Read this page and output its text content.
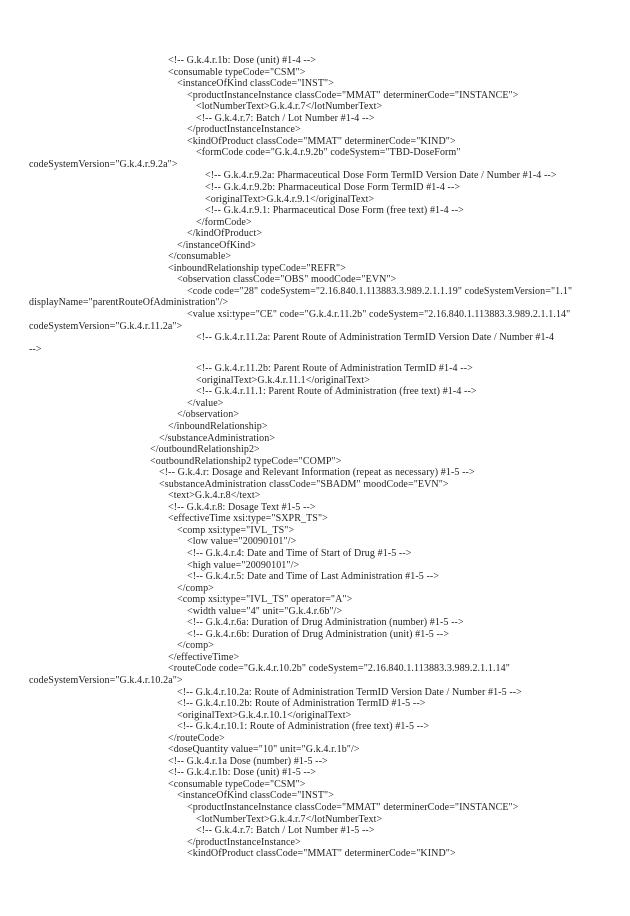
<!-- G.k.4.r.1b: Dose (unit) #1-4 -->
<consumable typeCode="CSM">
<instanceOfKind classCode="INST">
<productInstanceInstance classCode="MMAT" determinerCode="INSTANCE">
<lotNumberText>G.k.4.r.7</lotNumberText>
<!-- G.k.4.r.7: Batch / Lot Number #1-4 -->
</productInstanceInstance>
<kindOfProduct classCode="MMAT" determinerCode="KIND">
<formCode code="G.k.4.r.9.2b" codeSystem="TBD-DoseForm"
codeSystemVersion="G.k.4.r.9.2a">
<!-- G.k.4.r.9.2a: Pharmaceutical Dose Form TermID Version Date / Number #1-4 -->
<!-- G.k.4.r.9.2b: Pharmaceutical Dose Form TermID #1-4 -->
<originalText>G.k.4.r.9.1</originalText>
<!-- G.k.4.r.9.1: Pharmaceutical Dose Form (free text) #1-4 -->
</formCode>
</kindOfProduct>
</instanceOfKind>
</consumable>
<inboundRelationship typeCode="REFR">
<observation classCode="OBS" moodCode="EVN">
<code code="28" codeSystem="2.16.840.1.113883.3.989.2.1.1.19" codeSystemVersion="1.1"
displayName="parentRouteOfAdministration"/>
<value xsi:type="CE" code="G.k.4.r.11.2b" codeSystem="2.16.840.1.113883.3.989.2.1.1.14"
codeSystemVersion="G.k.4.r.11.2a">
<!-- G.k.4.r.11.2a: Parent Route of Administration TermID Version Date / Number #1-4
-->
<!-- G.k.4.r.11.2b: Parent Route of Administration TermID #1-4 -->
<originalText>G.k.4.r.11.1</originalText>
<!-- G.k.4.r.11.1: Parent Route of Administration (free text) #1-4 -->
</value>
</observation>
</inboundRelationship>
</substanceAdministration>
</outboundRelationship2>
<outboundRelationship2 typeCode="COMP">
<!-- G.k.4.r: Dosage and Relevant Information (repeat as necessary) #1-5 -->
<substanceAdministration classCode="SBADM" moodCode="EVN">
<text>G.k.4.r.8</text>
<!-- G.k.4.r.8: Dosage Text #1-5 -->
<effectiveTime xsi:type="SXPR_TS">
<comp xsi:type="IVL_TS">
<low value="20090101"/>
<!-- G.k.4.r.4: Date and Time of Start of Drug #1-5 -->
<high value="20090101"/>
<!-- G.k.4.r.5: Date and Time of Last Administration #1-5 -->
</comp>
<comp xsi:type="IVL_TS" operator="A">
<width value="4" unit="G.k.4.r.6b"/>
<!-- G.k.4.r.6a: Duration of Drug Administration (number) #1-5 -->
<!-- G.k.4.r.6b: Duration of Drug Administration (unit) #1-5 -->
</comp>
</effectiveTime>
<routeCode code="G.k.4.r.10.2b" codeSystem="2.16.840.1.113883.3.989.2.1.1.14"
codeSystemVersion="G.k.4.r.10.2a">
<!-- G.k.4.r.10.2a: Route of Administration TermID Version Date / Number #1-5 -->
<!-- G.k.4.r.10.2b: Route of Administration TermID #1-5 -->
<originalText>G.k.4.r.10.1</originalText>
<!-- G.k.4.r.10.1: Route of Administration (free text) #1-5 -->
</routeCode>
<doseQuantity value="10" unit="G.k.4.r.1b"/>
<!-- G.k.4.r.1a Dose (number) #1-5 -->
<!-- G.k.4.r.1b: Dose (unit) #1-5 -->
<consumable typeCode="CSM">
<instanceOfKind classCode="INST">
<productInstanceInstance classCode="MMAT" determinerCode="INSTANCE">
<lotNumberText>G.k.4.r.7</lotNumberText>
<!-- G.k.4.r.7: Batch / Lot Number #1-5 -->
</productInstanceInstance>
<kindOfProduct classCode="MMAT" determinerCode="KIND">
